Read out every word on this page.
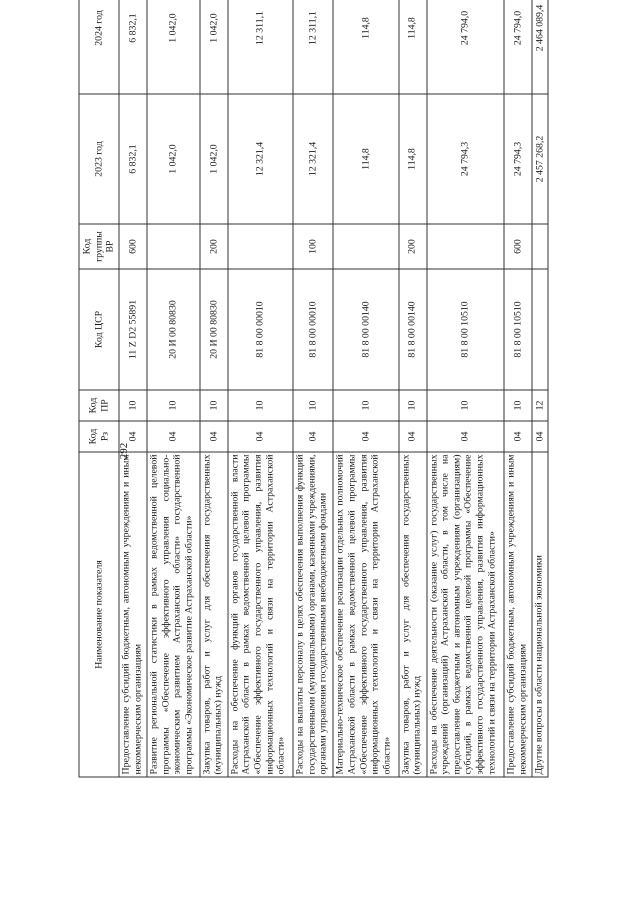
292
Наименование показателя	Код Рз	Код ПР	Код ЦСР	Код группы ВР	2023 год	2024 год
Предоставление субсидий бюджетным, автономным учреждениям и иным некоммерческим организациям	04	10	11 Z D2 55891	600	6 832,1	6 832,1
Развитие региональной статистики в рамках ведомственной целевой программы «Обеспечение эффективного управления социально-экономическим развитием Астраханской области» государственной программы «Экономическое развитие Астраханской области»	04	10	20 И 00 80830		1 042,0	1 042,0
Закупка товаров, работ и услуг для обеспечения государственных (муниципальных) нужд	04	10	20 И 00 80830	200	1 042,0	1 042,0
Расходы на обеспечение функций органов государственной власти Астраханской области в рамках ведомственной целевой программы «Обеспечение эффективного государственного управления, развития информационных технологий и связи на территории Астраханской области»	04	10	81 8 00 00010		12 321,4	12 311,1
Расходы на выплаты персоналу в целях обеспечения выполнения функций государственными (муниципальными) органами, казенными учреждениями, органами управления государственными внебюджетными фондами	04	10	81 8 00 00010	100	12 321,4	12 311,1
Материально-техническое обеспечение реализации отдельных полномочий Астраханской области в рамках ведомственной целевой программы «Обеспечение эффективного государственного управления, развития информационных технологий и связи на территории Астраханской области»	04	10	81 8 00 00140		114,8	114,8
Закупка товаров, работ и услуг для обеспечения государственных (муниципальных) нужд	04	10	81 8 00 00140	200	114,8	114,8
Расходы на обеспечение деятельности (оказание услуг) государственных учреждений (организаций) Астраханской области, в том числе на предоставление бюджетным и автономным учреждениям (организациям) субсидий, в рамках ведомственной целевой программы «Обеспечение эффективного государственного управления, развития информационных технологий и связи на территории Астраханской области»	04	10	81 8 00 10510		24 794,3	24 794,0
Предоставление субсидий бюджетным, автономным учреждениям и иным некоммерческим организациям	04	10	81 8 00 10510	600	24 794,3	24 794,0
Другие вопросы в области национальной экономики	04	12			2 457 268,2	2 464 089,4
